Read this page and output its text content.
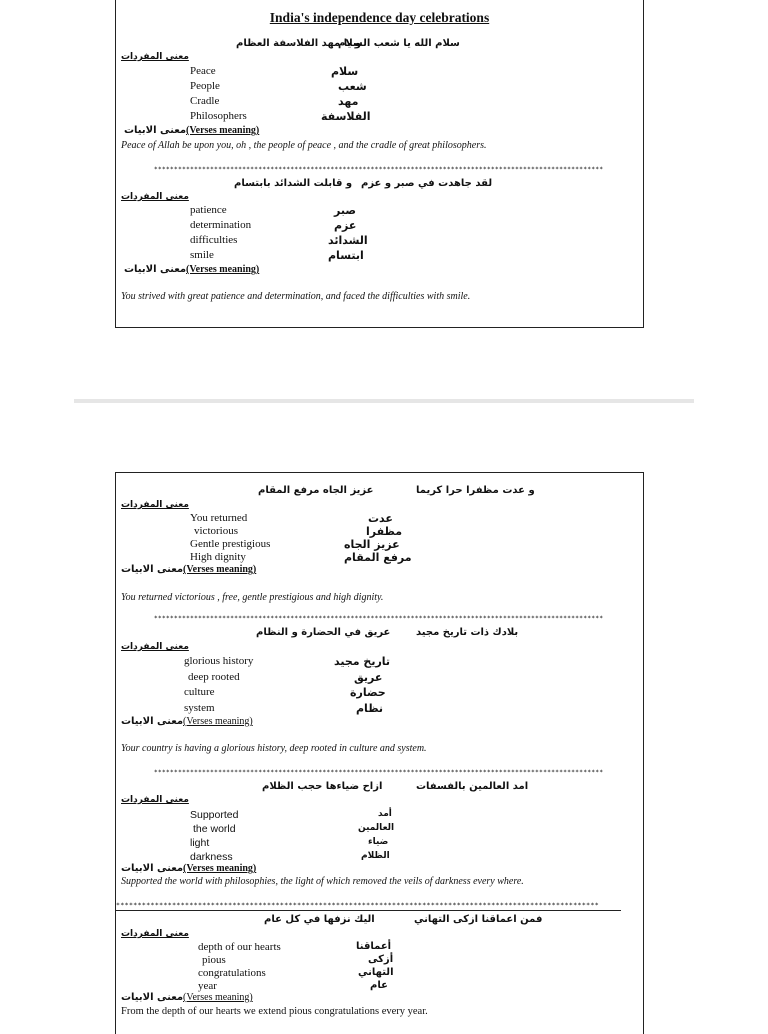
India's independence day celebrations
سلام الله يا شعب السلام
و يا مهد الفلاسفة العظام
معنى المفردات
Peace	سلام
People	شعب
Cradle	مهد
Philosophers	الفلاسفة
معنى الابيات(Verses meaning)
Peace of Allah be upon you, oh , the people of peace , and the cradle of great philosophers.
****************************************************************************************************************
لقد جاهدت في صبر و عزم
و قابلت الشدائد بابتسام
معنى المفردات
patience	صبر
determination	عزم
difficulties	الشدائد
smile	ابتسام
معنى الابيات(Verses meaning)
You strived with great patience and determination, and faced the difficulties with smile.
و عدت مظفرا حرا كريما
عزيز الجاه مرفع المقام
معنى المفردات
You returned	عدت
victorious	مظفرا
Gentle prestigious	عزيز الجاه
High dignity	مرفع المقام
معنى الابيات(Verses meaning)
You returned victorious , free, gentle prestigious and high dignity.
****************************************************************************************************************
بلادك ذات تاريخ مجيد
عريق في الحضارة و النظام
معنى المفردات
glorious history	تاريخ مجيد
deep rooted	عريق
culture	حضارة
system	نظام
معنى الابيات(Verses meaning)
Your country is having a glorious history, deep rooted in culture and system.
****************************************************************************************************************
امد العالمين بالفسفات
ازاح ضياءها حجب الظلام
معنى المفردات
Supported	أمد
the world	العالمين
light	ضياء
darkness	الظلام
معنى الابيات(Verses meaning)
Supported the world with philosophies, the light of which removed the veils of darkness every where.
****************************************************************************************************************
فمن اعماقنا ازكى التهاني
اليك نزفها في كل عام
معنى المفردات
depth of our hearts	أعماقنا
pious	أزكى
congratulations	التهاني
year	عام
معنى الابيات(Verses meaning)
From the depth of our hearts we extend pious congratulations every year.
